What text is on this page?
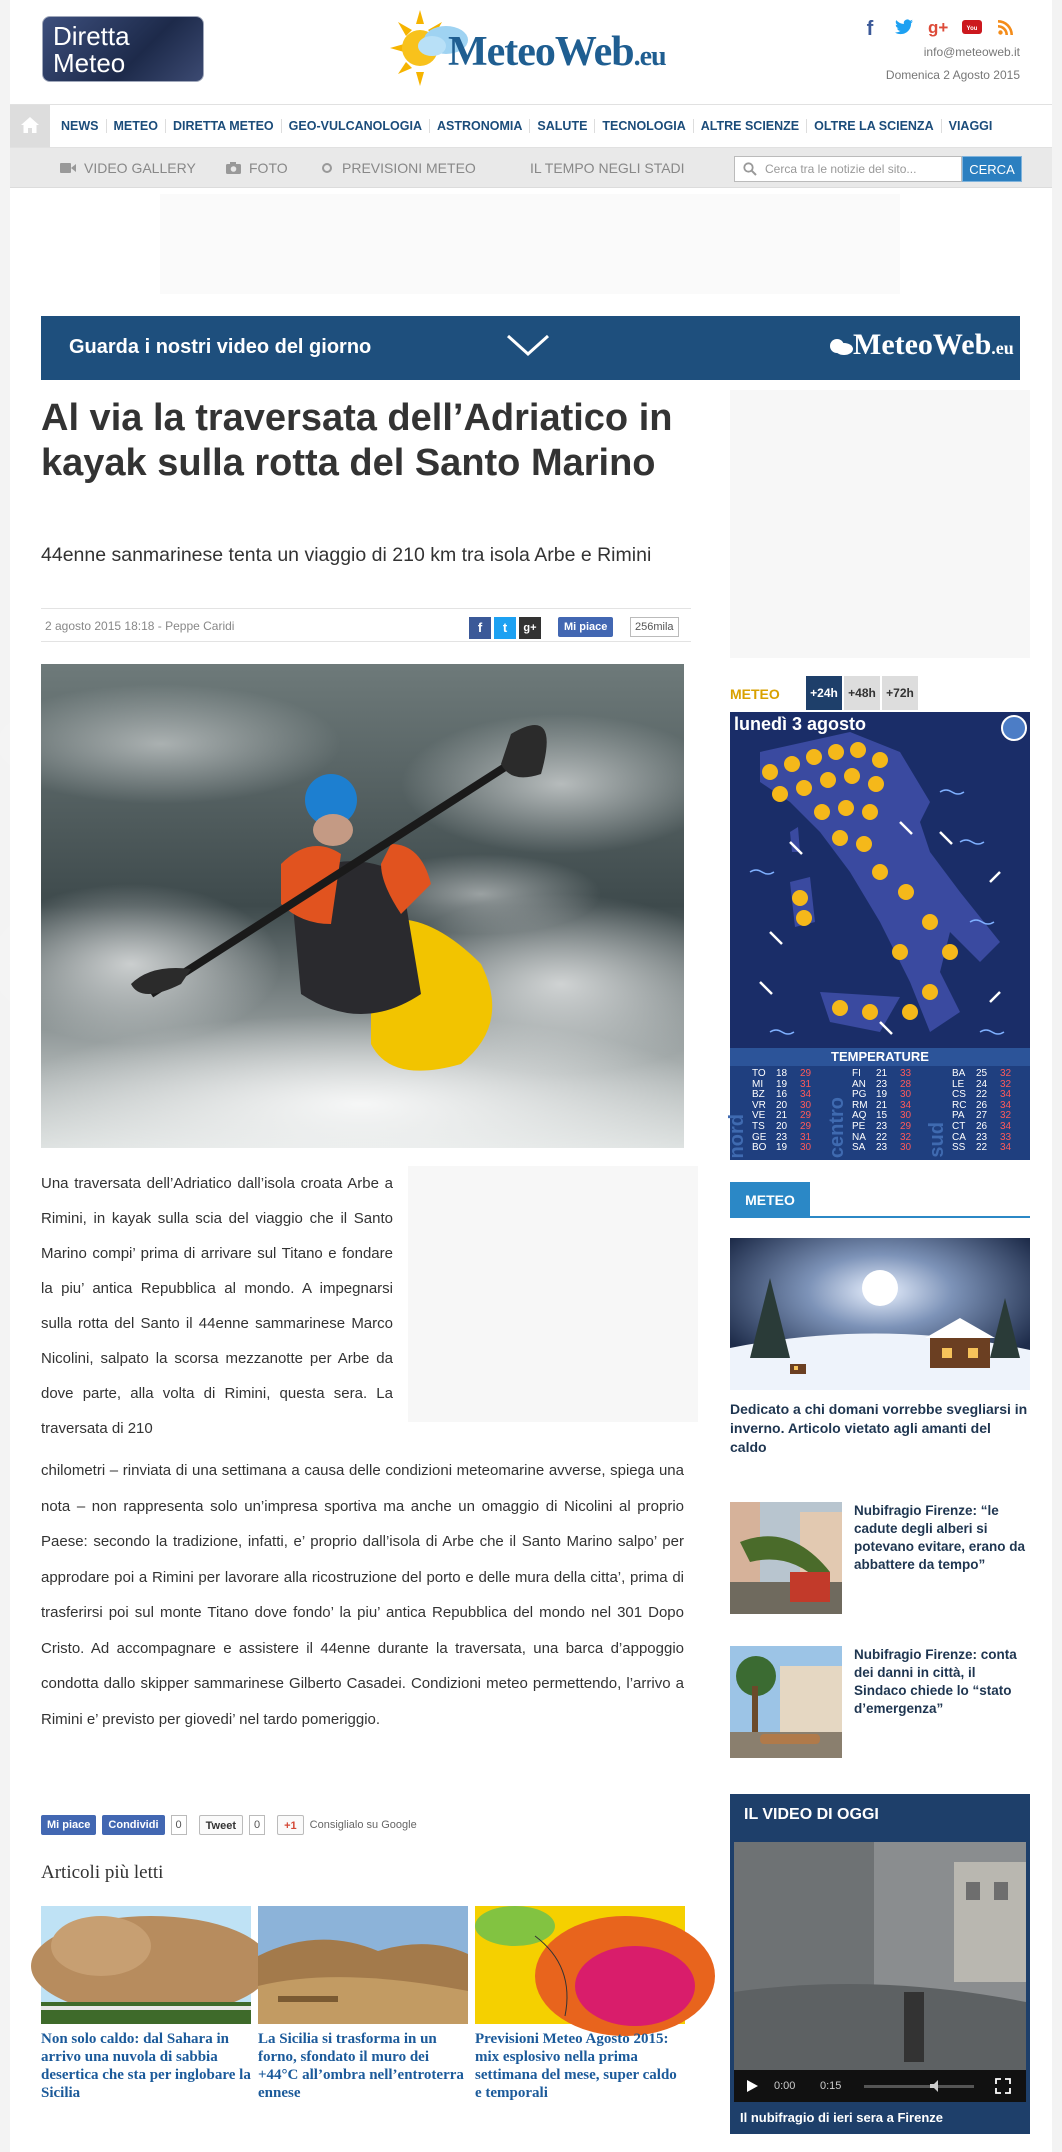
Diretta
Meteo	MeteoWeb.eu
f	g+	You
info@meteoweb.it
Domenica 2 Agosto 2015
NEWS	METEO	DIRETTA METEO	GEO-VULCANOLOGIA	ASTRONOMIA	SALUTE	TECNOLOGIA	ALTRE SCIENZE	OLTRE LA SCIENZA	VIAGGI
VIDEO GALLERY	FOTO	PREVISIONI METEO	IL TEMPO NEGLI STADI	Cerca tra le notizie del sito...	CERCA
Guarda i nostri video del giorno	MeteoWeb.eu
Al via la traversata dell’Adriatico in kayak sulla rotta del Santo Marino
44enne sanmarinese tenta un viaggio di 210 km tra isola Arbe e Rimini
2 agosto 2015 18:18 - Peppe Caridi	f	t	g+	Mi piace	256mila
Una traversata dell’Adriatico dall’isola croata Arbe a Rimini, in kayak sulla scia del viaggio che il Santo Marino compi’ prima di arrivare sul Titano e fondare la piu’ antica Repubblica al mondo. A impegnarsi sulla rotta del Santo il 44enne sammarinese Marco Nicolini, salpato la scorsa mezzanotte per Arbe da dove parte, alla volta di Rimini, questa sera. La traversata di 210
chilometri – rinviata di una settimana a causa delle condizioni meteomarine avverse, spiega una nota – non rappresenta solo un’impresa sportiva ma anche un omaggio di Nicolini al proprio Paese: secondo la tradizione, infatti, e’ proprio dall’isola di Arbe che il Santo Marino salpo’ per approdare poi a Rimini per lavorare alla ricostruzione del porto e delle mura della citta’, prima di trasferirsi poi sul monte Titano dove fondo’ la piu’ antica Repubblica del mondo nel 301 Dopo Cristo. Ad accompagnare e assistere il 44enne durante la traversata, una barca d’appoggio condotta dallo skipper sammarinese Gilberto Casadei. Condizioni meteo permettendo, l’arrivo a Rimini e’ previsto per giovedi’ nel tardo pomeriggio.
Mi piace	Condividi	0	Tweet	0	+1	Consiglialo su Google
Articoli più letti
Non solo caldo: dal Sahara in arrivo una nuvola di sabbia desertica che sta per inglobare la Sicilia
La Sicilia si trasforma in un forno, sfondato il muro dei +44°C all’ombra nell’entroterra ennese
Previsioni Meteo Agosto 2015: mix esplosivo nella prima settimana del mese, super caldo e temporali
METEO	+24h +48h +72h
lunedì 3 agosto
TEMPERATURE
nord
TO 18	29
MI	19	31
BZ	16	34
VR 20	30
VE 21	29
TS	20	29
GE 23	31
BO 19	30 centro
FI	21	33
AN 23	28
PG 19	30
RM 21	34
AQ 15	30
PE 23	29
NA 22	32
SA 23	30 sud
BA 25	32
LE	24	32
CS 22	34
RC 26	34
PA	27	32
CT 26	34
CA 23	33
SS 22	34
METEO
Dedicato a chi domani vorrebbe svegliarsi in inverno. Articolo vietato agli amanti del caldo
Nubifragio Firenze: “le cadute degli alberi si potevano evitare, erano da abbattere da tempo”
Nubifragio Firenze: conta dei danni in città, il Sindaco chiede lo “stato d’emergenza”
IL VIDEO DI OGGI
0:00 0:15
Il nubifragio di ieri sera a Firenze
